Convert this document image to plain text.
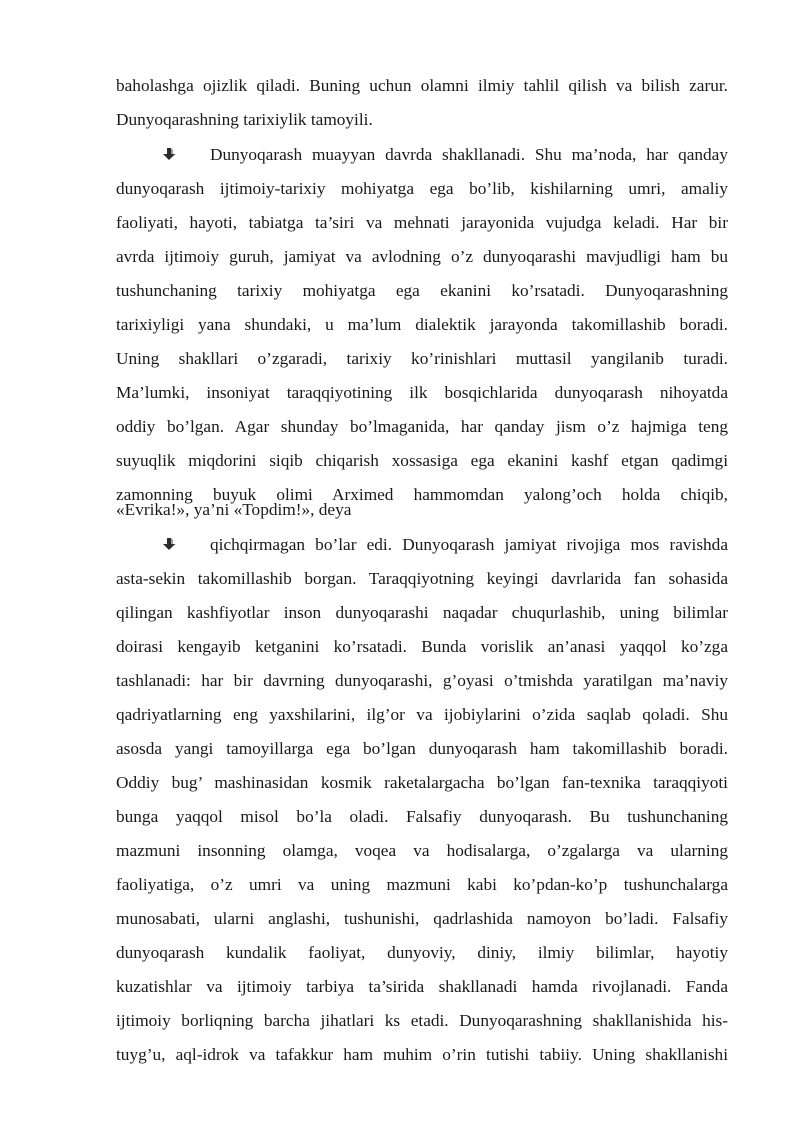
baholashga ojizlik qiladi. Buning uchun olamni ilmiy tahlil qilish va bilish zarur.
Dunyoqarashning tarixiylik tamoyili.
Dunyoqarash muayyan davrda shakllanadi. Shu ma’noda, har qanday
dunyoqarash ijtimoiy-tarixiy mohiyatga ega bo’lib, kishilarning umri, amaliy
faoliyati, hayoti, tabiatga ta’siri va mehnati jarayonida vujudga keladi. Har bir
avrda ijtimoiy guruh, jamiyat va avlodning o’z dunyoqarashi mavjudligi ham bu
tushunchaning tarixiy mohiyatga ega ekanini ko’rsatadi. Dunyoqarashning
tarixiyligi yana shundaki, u ma’lum dialektik jarayonda takomillashib boradi.
Uning shakllari o’zgaradi, tarixiy ko’rinishlari muttasil yangilanib turadi.
Ma’lumki, insoniyat taraqqiyotining ilk bosqichlarida dunyoqarash nihoyatda
oddiy bo’lgan. Agar shunday bo’lmaganida, har qanday jism o’z hajmiga teng
suyuqlik miqdorini siqib chiqarish xossasiga ega ekanini kashf etgan qadimgi
zamonning buyuk olimi Arximed hammomdan yalong’och holda chiqib,
«Evrika!», ya’ni «Topdim!», deya
qichqirmagan bo’lar edi. Dunyoqarash jamiyat rivojiga mos ravishda
asta-sekin takomillashib borgan. Taraqqiyotning keyingi davrlarida fan sohasida
qilingan kashfiyotlar inson dunyoqarashi naqadar chuqurlashib, uning bilimlar
doirasi kengayib ketganini ko’rsatadi. Bunda vorislik an’anasi yaqqol ko’zga
tashlanadi: har bir davrning dunyoqarashi, g’oyasi o’tmishda yaratilgan ma’naviy
qadriyatlarning eng yaxshilarini, ilg’or va ijobiylarini o’zida saqlab qoladi. Shu
asosda yangi tamoyillarga ega bo’lgan dunyoqarash ham takomillashib boradi.
Oddiy bug’ mashinasidan kosmik raketalargacha bo’lgan fan-texnika taraqqiyoti
bunga yaqqol misol bo’la oladi. Falsafiy dunyoqarash. Bu tushunchaning
mazmuni insonning olamga, voqea va hodisalarga, o’zgalarga va ularning
faoliyatiga, o’z umri va uning mazmuni kabi ko’pdan-ko’p tushunchalarga
munosabati, ularni anglashi, tushunishi, qadrlashida namoyon bo’ladi. Falsafiy
dunyoqarash kundalik faoliyat, dunyoviy, diniy, ilmiy bilimlar, hayotiy
kuzatishlar va ijtimoiy tarbiya ta’sirida shakllanadi hamda rivojlanadi. Fanda
ijtimoiy borliqning barcha jihatlari ks etadi. Dunyoqarashning shakllanishida his-
tuyg’u, aql-idrok va tafakkur ham muhim o’rin tutishi tabiiy. Uning shakllanishi
